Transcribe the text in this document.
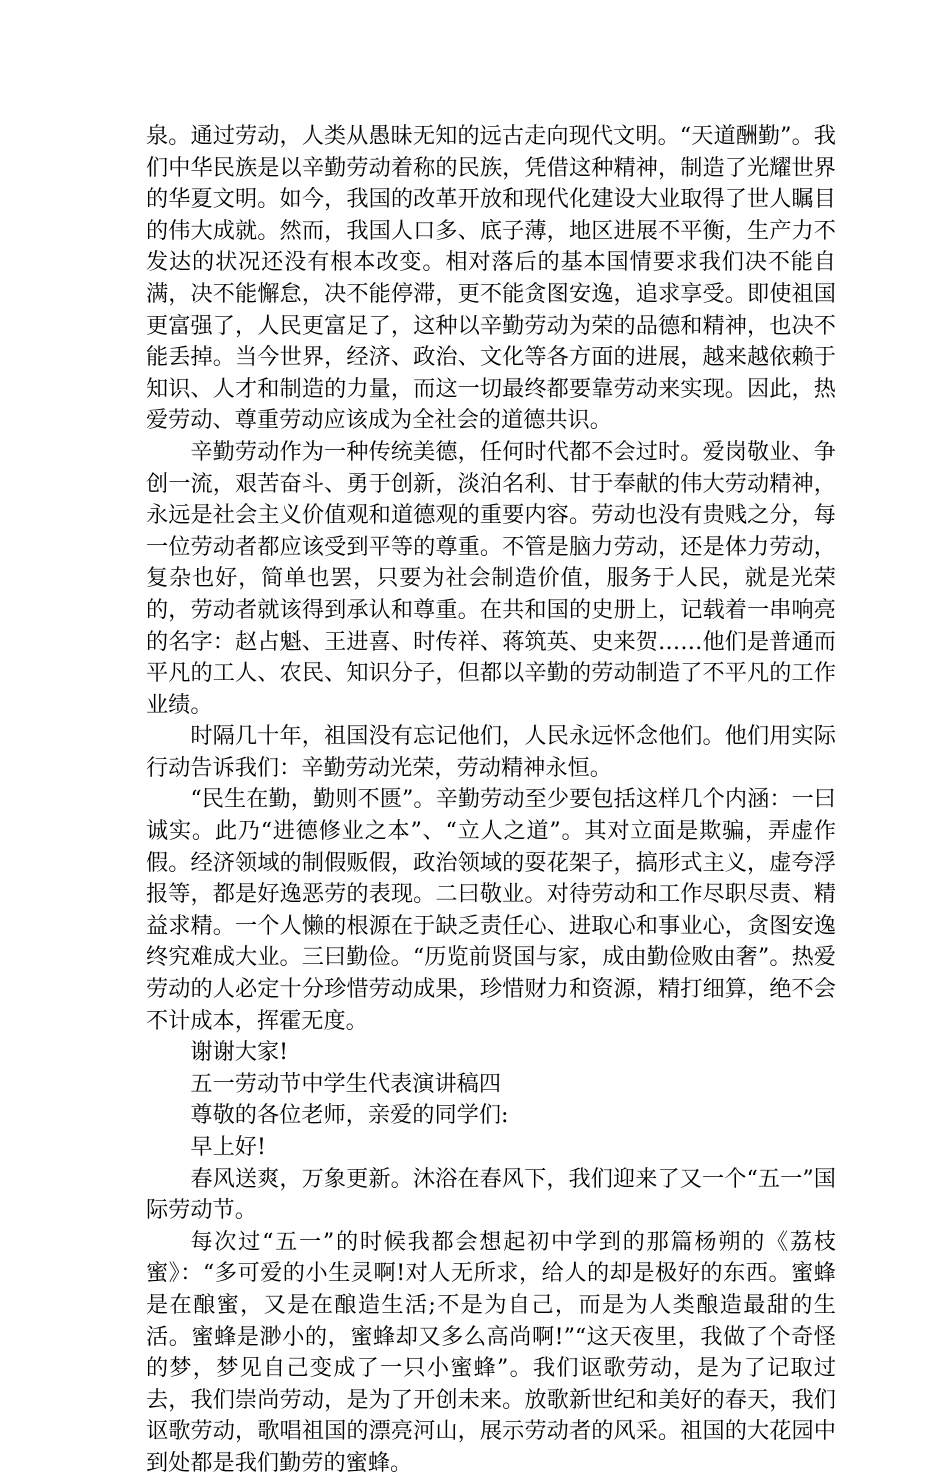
泉。通过劳动，人类从愚昧无知的远古走向现代文明。“天道酬勤”。我们中华民族是以辛勤劳动着称的民族，凭借这种精神，制造了光耀世界的华夏文明。如今，我国的改革开放和现代化建设大业取得了世人瞩目的伟大成就。然而，我国人口多、底子薄，地区进展不平衡，生产力不发达的状况还没有根本改变。相对落后的基本国情要求我们决不能自满，决不能懈怠，决不能停滞，更不能贪图安逸，追求享受。即使祖国更富强了，人民更富足了，这种以辛勤劳动为荣的品德和精神，也决不能丢掉。当今世界，经济、政治、文化等各方面的进展，越来越依赖于知识、人才和制造的力量，而这一切最终都要靠劳动来实现。因此，热爱劳动、尊重劳动应该成为全社会的道德共识。

辛勤劳动作为一种传统美德，任何时代都不会过时。爱岗敬业、争创一流，艰苦奋斗、勇于创新，淡泊名利、甘于奉献的伟大劳动精神，永远是社会主义价值观和道德观的重要内容。劳动也没有贵贱之分，每一位劳动者都应该受到平等的尊重。不管是脑力劳动，还是体力劳动，复杂也好，简单也罢，只要为社会制造价值，服务于人民，就是光荣的，劳动者就该得到承认和尊重。在共和国的史册上，记载着一串响亮的名字：赵占魁、王进喜、时传祥、蒋筑英、史来贺……他们是普通而平凡的工人、农民、知识分子，但都以辛勤的劳动制造了不平凡的工作业绩。

时隔几十年，祖国没有忘记他们，人民永远怀念他们。他们用实际行动告诉我们：辛勤劳动光荣，劳动精神永恒。

“民生在勤，勤则不匮”。辛勤劳动至少要包括这样几个内涵：一曰诚实。此乃“进德修业之本”、“立人之道”。其对立面是欺骗，弄虚作假。经济领域的制假贩假，政治领域的耍花架子，搞形式主义，虚夸浮报等，都是好逸恶劳的表现。二曰敬业。对待劳动和工作尽职尽责、精益求精。一个人懒的根源在于缺乏责任心、进取心和事业心，贪图安逸终究难成大业。三曰勤俭。“历览前贤国与家，成由勤俭败由奢”。热爱劳动的人必定十分珍惜劳动成果，珍惜财力和资源，精打细算，绝不会不计成本，挥霍无度。

谢谢大家!

五一劳动节中学生代表演讲稿四

尊敬的各位老师，亲爱的同学们:

早上好!

春风送爽，万象更新。沐浴在春风下，我们迎来了又一个“五一”国际劳动节。

每次过“五一”的时候我都会想起初中学到的那篇杨朔的《荔枝蜜》：“多可爱的小生灵啊!对人无所求，给人的却是极好的东西。蜜蜂是在酿蜜，又是在酿造生活;不是为自己，而是为人类酿造最甜的生活。蜜蜂是渺小的，蜜蜂却又多么高尚啊!”“这天夜里，我做了个奇怪的梦，梦见自己变成了一只小蜜蜂”。我们讴歌劳动，是为了记取过去，我们崇尚劳动，是为了开创未来。放歌新世纪和美好的春天，我们讴歌劳动，歌唱祖国的漂亮河山，展示劳动者的风采。祖国的大花园中到处都是我们勤劳的蜜蜂。
